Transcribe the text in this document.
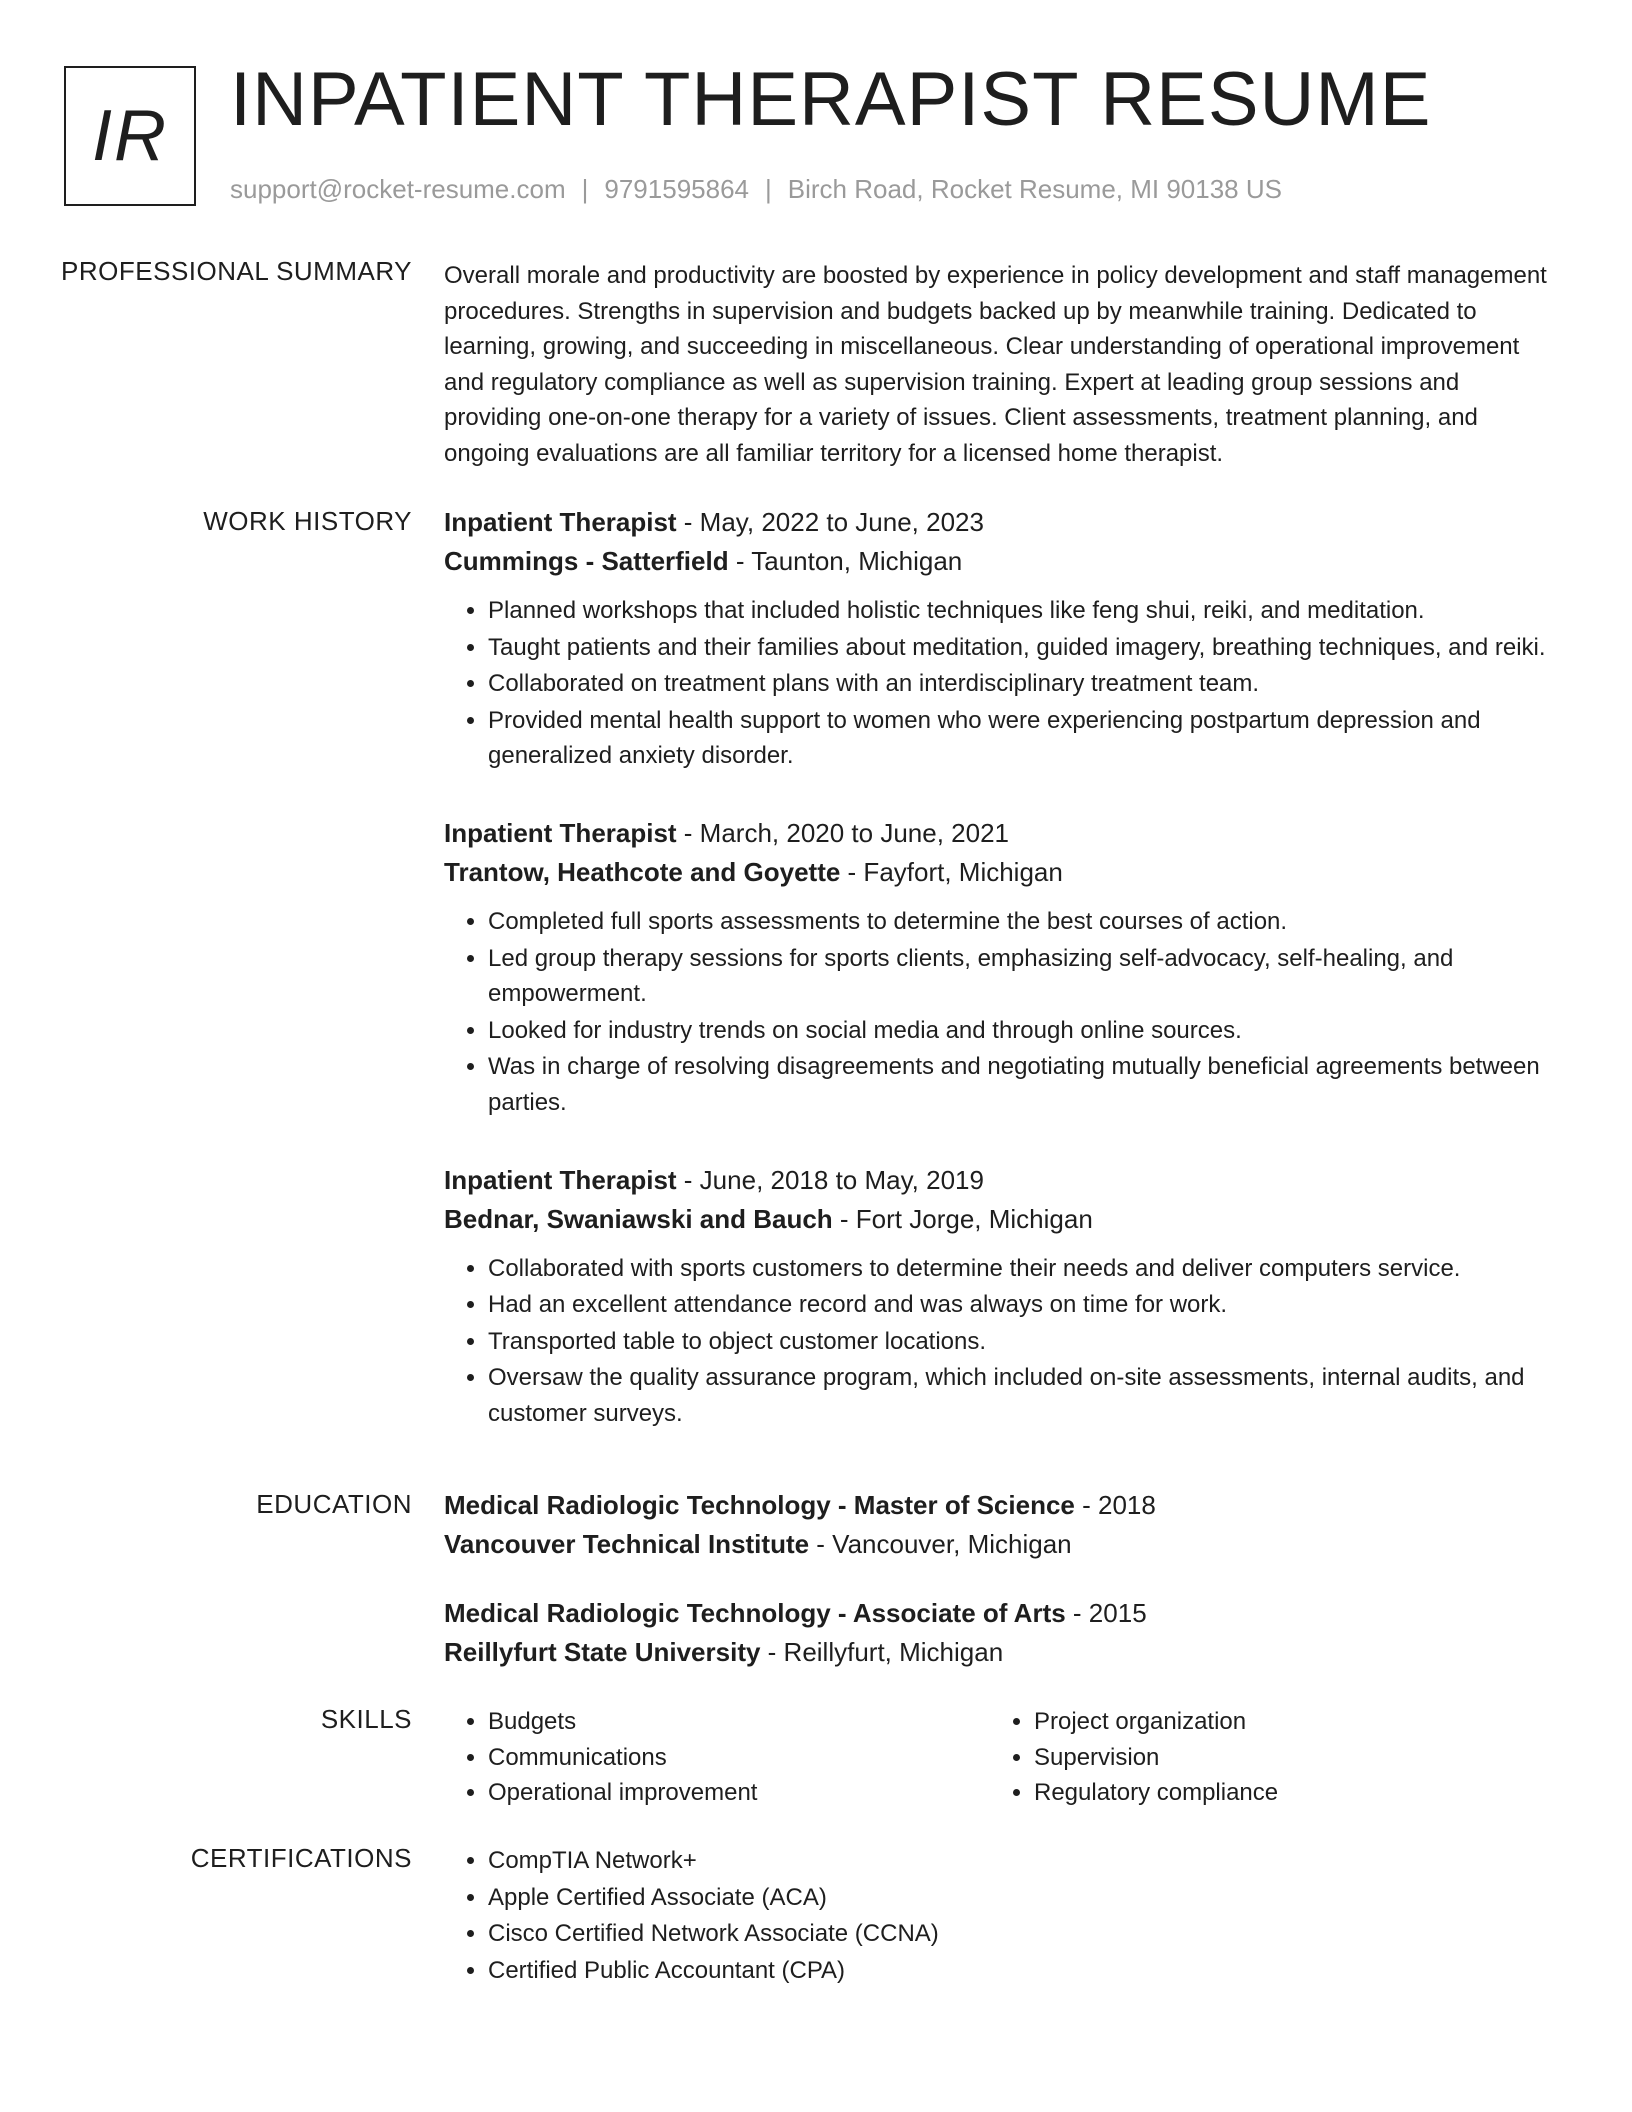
IR INPATIENT THERAPIST RESUME
support@rocket-resume.com | 9791595864 | Birch Road, Rocket Resume, MI 90138 US
PROFESSIONAL SUMMARY Overall morale and productivity are boosted by experience in policy development and staff management procedures. Strengths in supervision and budgets backed up by meanwhile training. Dedicated to learning, growing, and succeeding in miscellaneous. Clear understanding of operational improvement and regulatory compliance as well as supervision training. Expert at leading group sessions and providing one-on-one therapy for a variety of issues. Client assessments, treatment planning, and ongoing evaluations are all familiar territory for a licensed home therapist.

WORK HISTORY Inpatient Therapist - May, 2022 to June, 2023
Cummings - Satterfield - Taunton, Michigan
• Planned workshops that included holistic techniques like feng shui, reiki, and meditation.
• Taught patients and their families about meditation, guided imagery, breathing techniques, and reiki.
• Collaborated on treatment plans with an interdisciplinary treatment team.
• Provided mental health support to women who were experiencing postpartum depression and generalized anxiety disorder.
Inpatient Therapist - March, 2020 to June, 2021
Trantow, Heathcote and Goyette - Fayfort, Michigan
• Completed full sports assessments to determine the best courses of action.
• Led group therapy sessions for sports clients, emphasizing self-advocacy, self-healing, and empowerment.
• Looked for industry trends on social media and through online sources.
• Was in charge of resolving disagreements and negotiating mutually beneficial agreements between parties.
Inpatient Therapist - June, 2018 to May, 2019
Bednar, Swaniawski and Bauch - Fort Jorge, Michigan
• Collaborated with sports customers to determine their needs and deliver computers service.
• Had an excellent attendance record and was always on time for work.
• Transported table to object customer locations.
• Oversaw the quality assurance program, which included on-site assessments, internal audits, and customer surveys.
EDUCATION Medical Radiologic Technology - Master of Science - 2018
Vancouver Technical Institute - Vancouver, Michigan
Medical Radiologic Technology - Associate of Arts - 2015
Reillyfurt State University - Reillyfurt, Michigan
SKILLS	• Budgets
• Communications
• Operational improvement
• Project organization
• Supervision
• Regulatory compliance
CERTIFICATIONS	• CompTIA Network+
• Apple Certified Associate (ACA)
• Cisco Certified Network Associate (CCNA)
• Certified Public Accountant (CPA)
